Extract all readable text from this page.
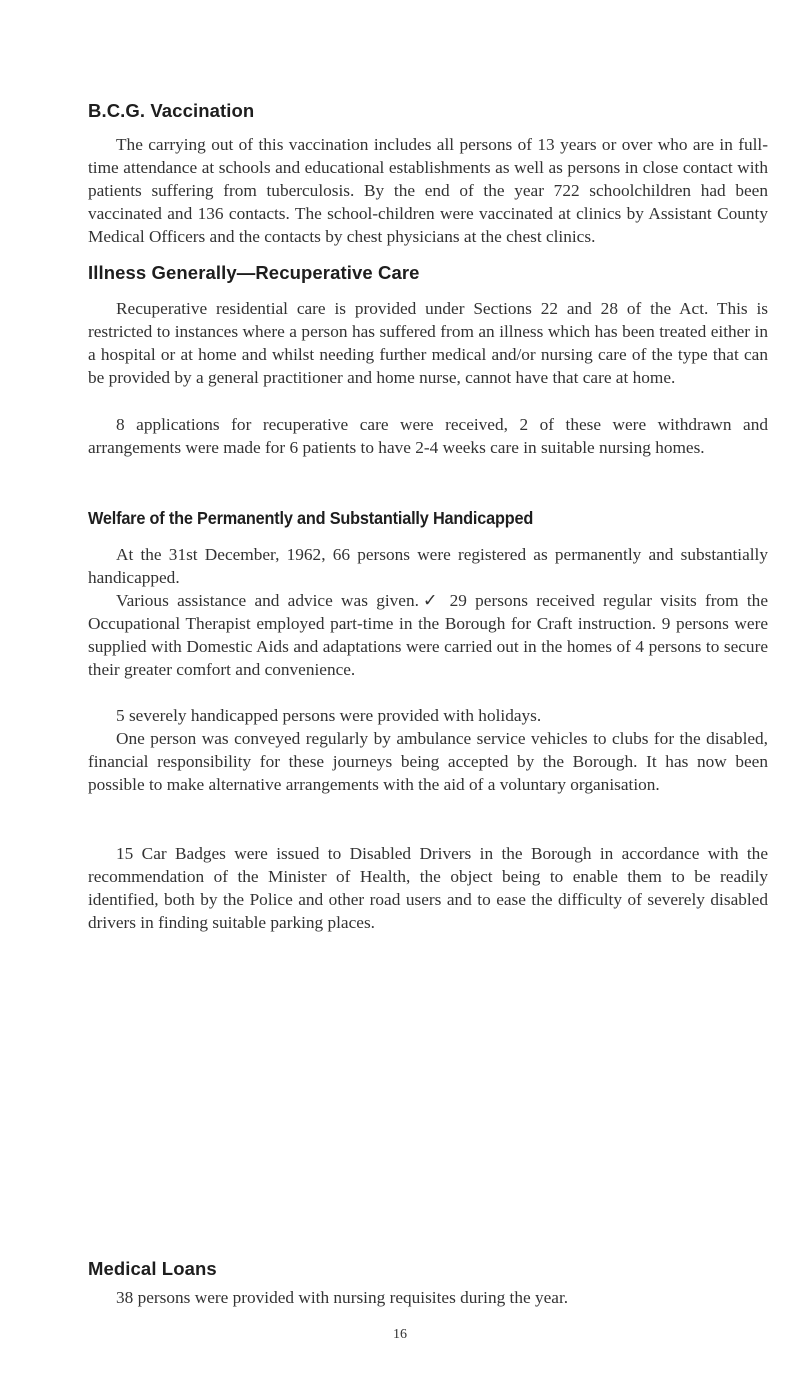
B.C.G. Vaccination

The carrying out of this vaccination includes all persons of 13 years or over who are in full-time attendance at schools and educational establishments as well as persons in close contact with patients suffering from tuberculosis. By the end of the year 722 schoolchildren had been vaccinated and 136 contacts. The school-children were vaccinated at clinics by Assistant County Medical Officers and the contacts by chest physicians at the chest clinics.

Illness Generally—Recuperative Care

Recuperative residential care is provided under Sections 22 and 28 of the Act. This is restricted to instances where a person has suffered from an illness which has been treated either in a hospital or at home and whilst needing further medical and/or nursing care of the type that can be provided by a general practitioner and home nurse, cannot have that care at home.

8 applications for recuperative care were received, 2 of these were withdrawn and arrangements were made for 6 patients to have 2-4 weeks care in suitable nursing homes.

Welfare of the Permanently and Substantially Handicapped

At the 31st December, 1962, 66 persons were registered as permanently and substantially handicapped.

Various assistance and advice was given.✓ 29 persons received regular visits from the Occupational Therapist employed part-time in the Borough for Craft instruction. 9 persons were supplied with Domestic Aids and adaptations were carried out in the homes of 4 persons to secure their greater comfort and convenience.

5 severely handicapped persons were provided with holidays.

One person was conveyed regularly by ambulance service vehicles to clubs for the disabled, financial responsibility for these journeys being accepted by the Borough. It has now been possible to make alternative arrangements with the aid of a voluntary organisation.

15 Car Badges were issued to Disabled Drivers in the Borough in accordance with the recommendation of the Minister of Health, the object being to enable them to be readily identified, both by the Police and other road users and to ease the difficulty of severely disabled drivers in finding suitable parking places.

Medical Loans

38 persons were provided with nursing requisites during the year.

16
